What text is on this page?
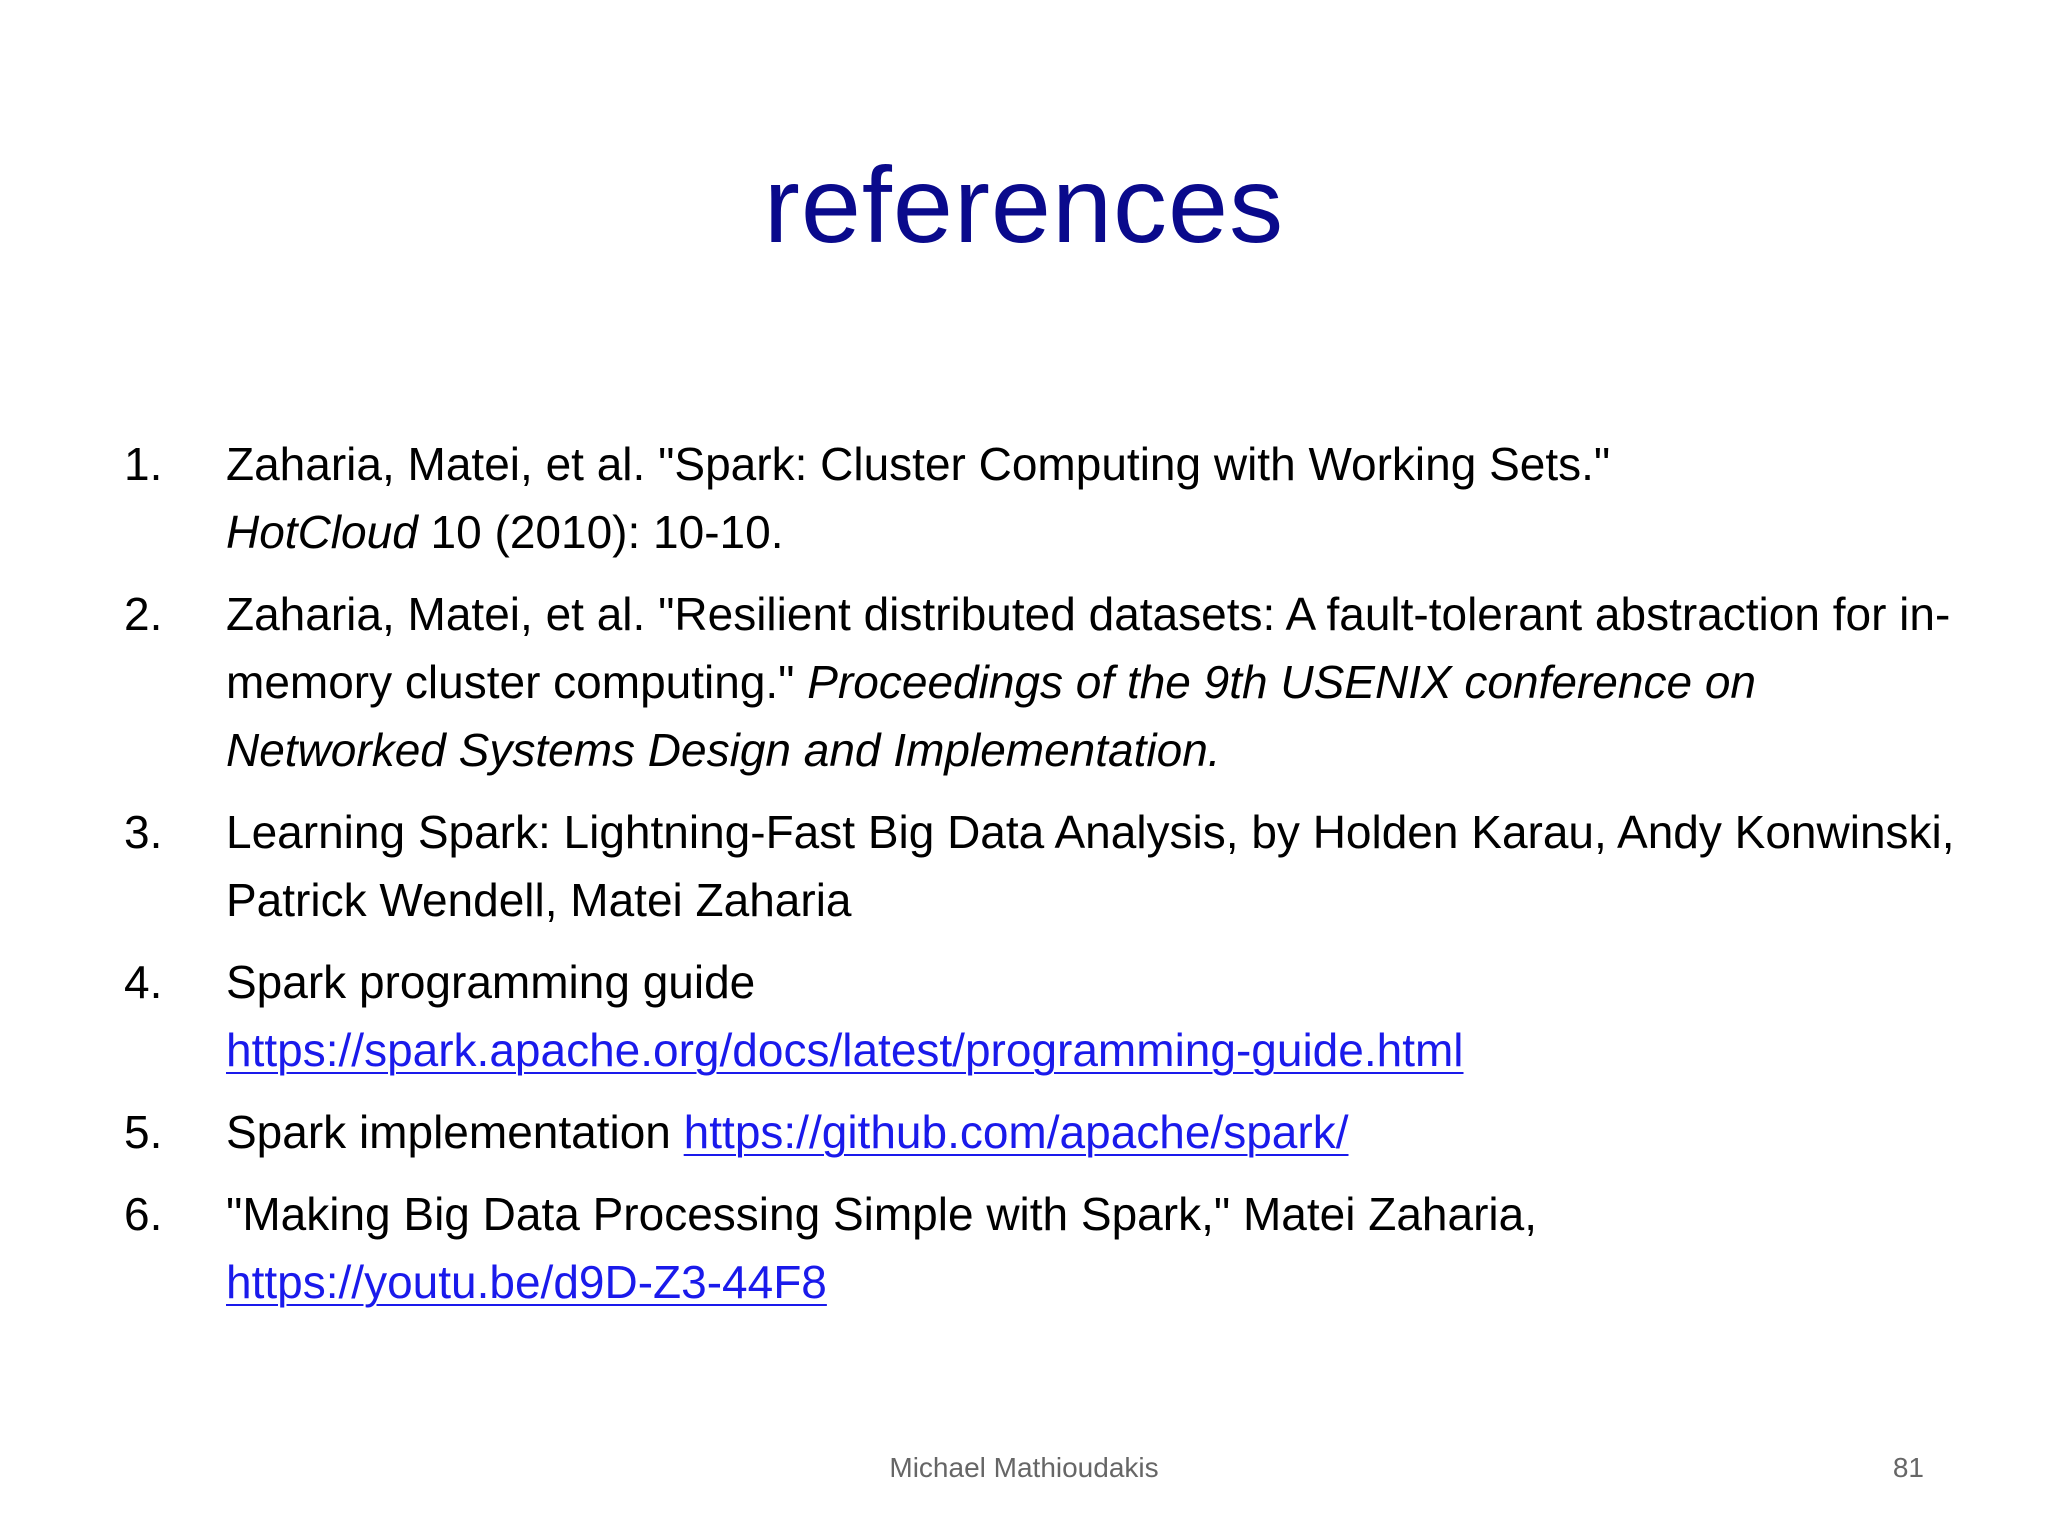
references
1. Zaharia, Matei, et al. "Spark: Cluster Computing with Working Sets."
HotCloud 10 (2010): 10-10.
2. Zaharia, Matei, et al. "Resilient distributed datasets: A fault-tolerant abstraction for in-memory cluster computing." Proceedings of the 9th USENIX conference on Networked Systems Design and Implementation.
3. Learning Spark: Lightning-Fast Big Data Analysis, by Holden Karau, Andy Konwinski, Patrick Wendell, Matei Zaharia
4. Spark programming guide
https://spark.apache.org/docs/latest/programming-guide.html
5. Spark implementation https://github.com/apache/spark/
6. "Making Big Data Processing Simple with Spark," Matei Zaharia,
https://youtu.be/d9D-Z3-44F8
Michael Mathioudakis	81
